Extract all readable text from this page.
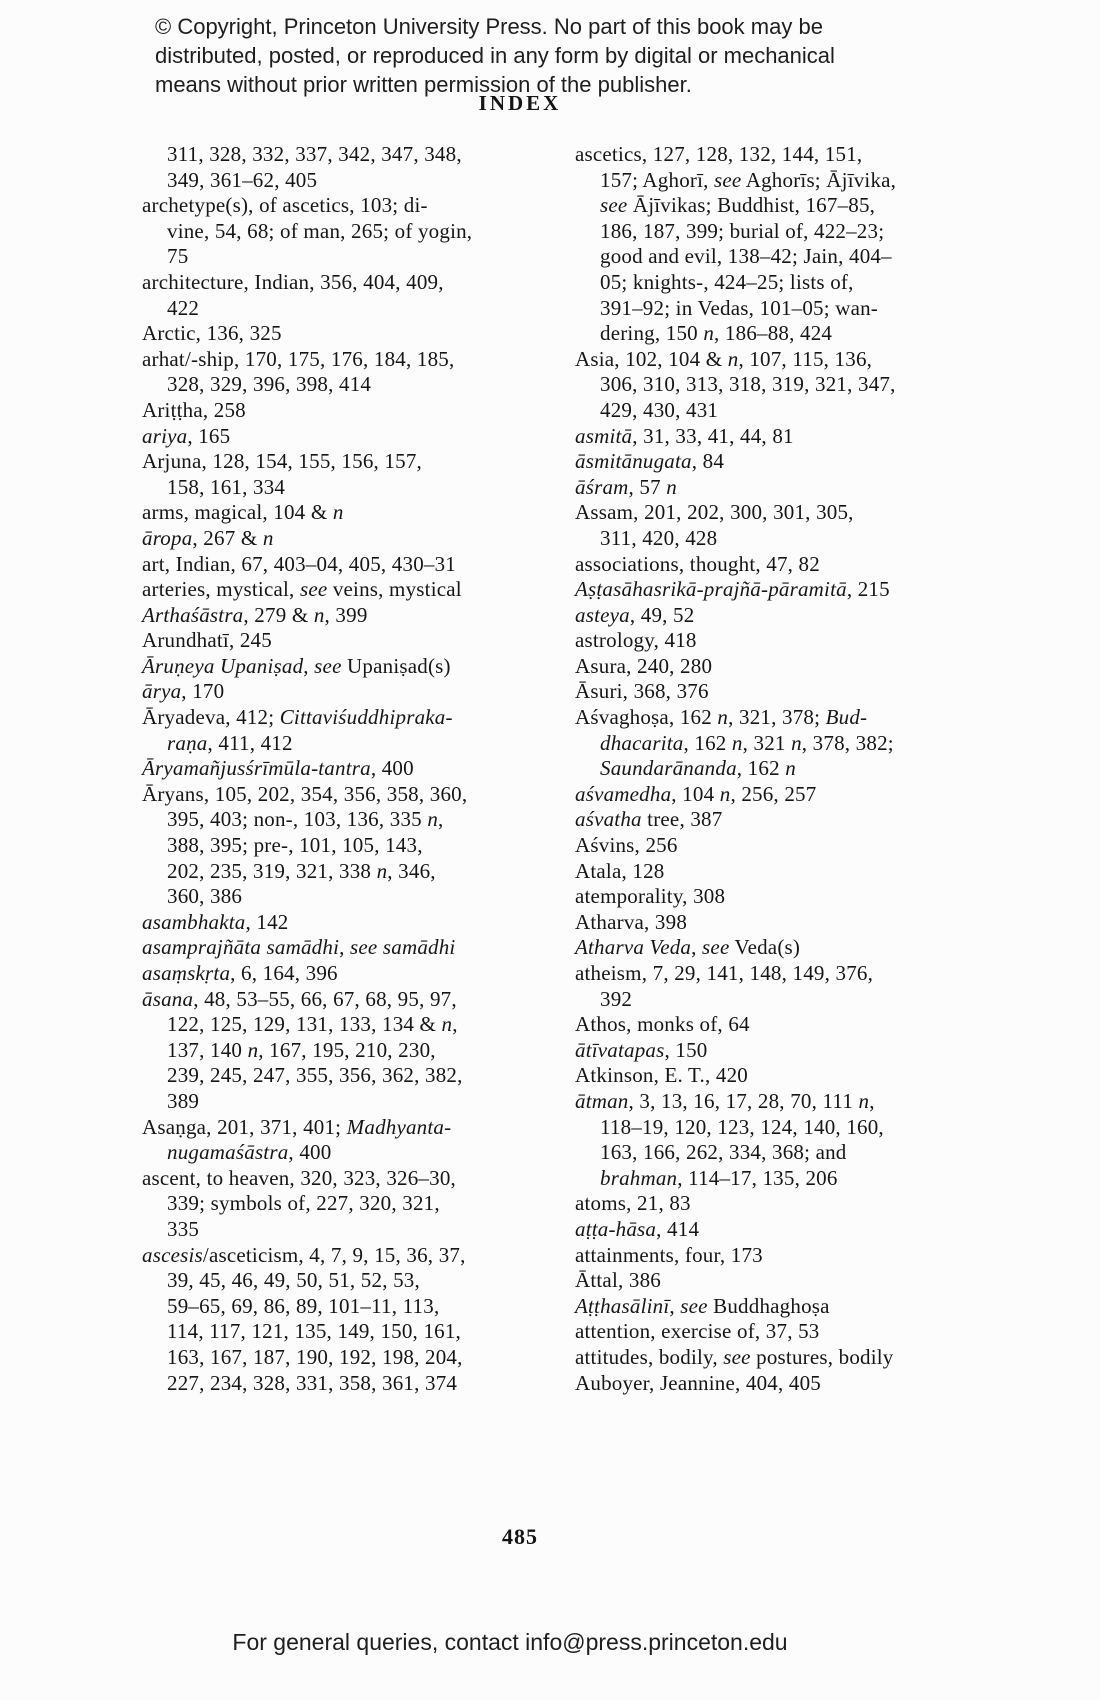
© Copyright, Princeton University Press. No part of this book may be
distributed, posted, or reproduced in any form by digital or mechanical
means without prior written permission of the publisher.
INDEX
311, 328, 332, 337, 342, 347, 348,
349, 361–62, 405
archetype(s), of ascetics, 103; di-
vine, 54, 68; of man, 265; of yogin,
75
architecture, Indian, 356, 404, 409,
422
Arctic, 136, 325
arhat/-ship, 170, 175, 176, 184, 185,
328, 329, 396, 398, 414
Ariṭṭha, 258
ariya, 165
Arjuna, 128, 154, 155, 156, 157,
158, 161, 334
arms, magical, 104 & n
āropa, 267 & n
art, Indian, 67, 403–04, 405, 430–31
arteries, mystical, see veins, mystical
Arthaśāstra, 279 & n, 399
Arundhatī, 245
Āruṇeya Upaniṣad, see Upaniṣad(s)
ārya, 170
Āryadeva, 412; Cittaviśuddhipraka-
raṇa, 411, 412
Āryamañjusśrīmūla-tantra, 400
Āryans, 105, 202, 354, 356, 358, 360,
395, 403; non-, 103, 136, 335 n,
388, 395; pre-, 101, 105, 143,
202, 235, 319, 321, 338 n, 346,
360, 386
asambhakta, 142
asamprajñāta samādhi, see samādhi
asaṃskṛta, 6, 164, 396
āsana, 48, 53–55, 66, 67, 68, 95, 97,
122, 125, 129, 131, 133, 134 & n,
137, 140 n, 167, 195, 210, 230,
239, 245, 247, 355, 356, 362, 382,
389
Asaṇga, 201, 371, 401; Madhyanta-
nugamaśāstra, 400
ascent, to heaven, 320, 323, 326–30,
339; symbols of, 227, 320, 321,
335
ascesis/asceticism, 4, 7, 9, 15, 36, 37,
39, 45, 46, 49, 50, 51, 52, 53,
59–65, 69, 86, 89, 101–11, 113,
114, 117, 121, 135, 149, 150, 161,
163, 167, 187, 190, 192, 198, 204,
227, 234, 328, 331, 358, 361, 374
ascetics, 127, 128, 132, 144, 151,
157; Aghorī, see Aghorīs; Ājīvika,
see Ājīvikas; Buddhist, 167–85,
186, 187, 399; burial of, 422–23;
good and evil, 138–42; Jain, 404–
05; knights-, 424–25; lists of,
391–92; in Vedas, 101–05; wan-
dering, 150 n, 186–88, 424
Asia, 102, 104 & n, 107, 115, 136,
306, 310, 313, 318, 319, 321, 347,
429, 430, 431
asmitā, 31, 33, 41, 44, 81
āsmitānugata, 84
āśram, 57 n
Assam, 201, 202, 300, 301, 305,
311, 420, 428
associations, thought, 47, 82
Aṣṭasāhasrikā-prajñā-pāramitā, 215
asteya, 49, 52
astrology, 418
Asura, 240, 280
Āsuri, 368, 376
Aśvaghoṣa, 162 n, 321, 378; Bud-
dhacarita, 162 n, 321 n, 378, 382;
Saundarānanda, 162 n
aśvamedha, 104 n, 256, 257
aśvatha tree, 387
Aśvins, 256
Atala, 128
atemporality, 308
Atharva, 398
Atharva Veda, see Veda(s)
atheism, 7, 29, 141, 148, 149, 376,
392
Athos, monks of, 64
ātīvatapas, 150
Atkinson, E. T., 420
ātman, 3, 13, 16, 17, 28, 70, 111 n,
118–19, 120, 123, 124, 140, 160,
163, 166, 262, 334, 368; and
brahman, 114–17, 135, 206
atoms, 21, 83
aṭṭa-hāsa, 414
attainments, four, 173
Āttal, 386
Aṭṭhasālinī, see Buddhaghoṣa
attention, exercise of, 37, 53
attitudes, bodily, see postures, bodily
Auboyer, Jeannine, 404, 405
485
For general queries, contact info@press.princeton.edu
